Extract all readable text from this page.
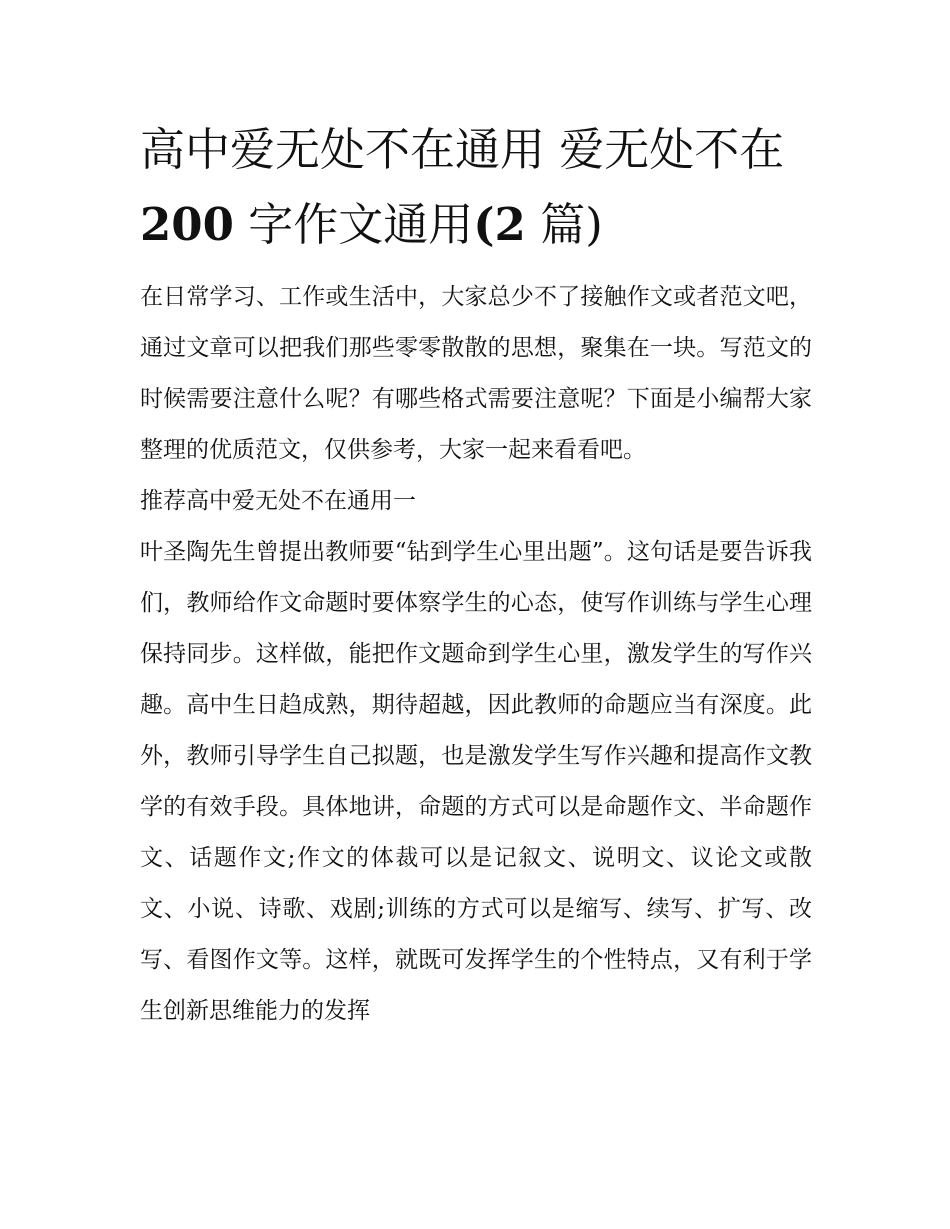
高中爱无处不在通用 爱无处不在 200 字作文通用(2 篇)

在日常学习、工作或生活中，大家总少不了接触作文或者范文吧，通过文章可以把我们那些零零散散的思想，聚集在一块。写范文的时候需要注意什么呢？有哪些格式需要注意呢？下面是小编帮大家整理的优质范文，仅供参考，大家一起来看看吧。

推荐高中爱无处不在通用一

叶圣陶先生曾提出教师要“钻到学生心里出题”。这句话是要告诉我们，教师给作文命题时要体察学生的心态，使写作训练与学生心理保持同步。这样做，能把作文题命到学生心里，激发学生的写作兴趣。高中生日趋成熟，期待超越，因此教师的命题应当有深度。此外，教师引导学生自己拟题，也是激发学生写作兴趣和提高作文教学的有效手段。具体地讲，命题的方式可以是命题作文、半命题作文、话题作文;作文的体裁可以是记叙文、说明文、议论文或散文、小说、诗歌、戏剧;训练的方式可以是缩写、续写、扩写、改写、看图作文等。这样，就既可发挥学生的个性特点，又有利于学生创新思维能力的发挥
